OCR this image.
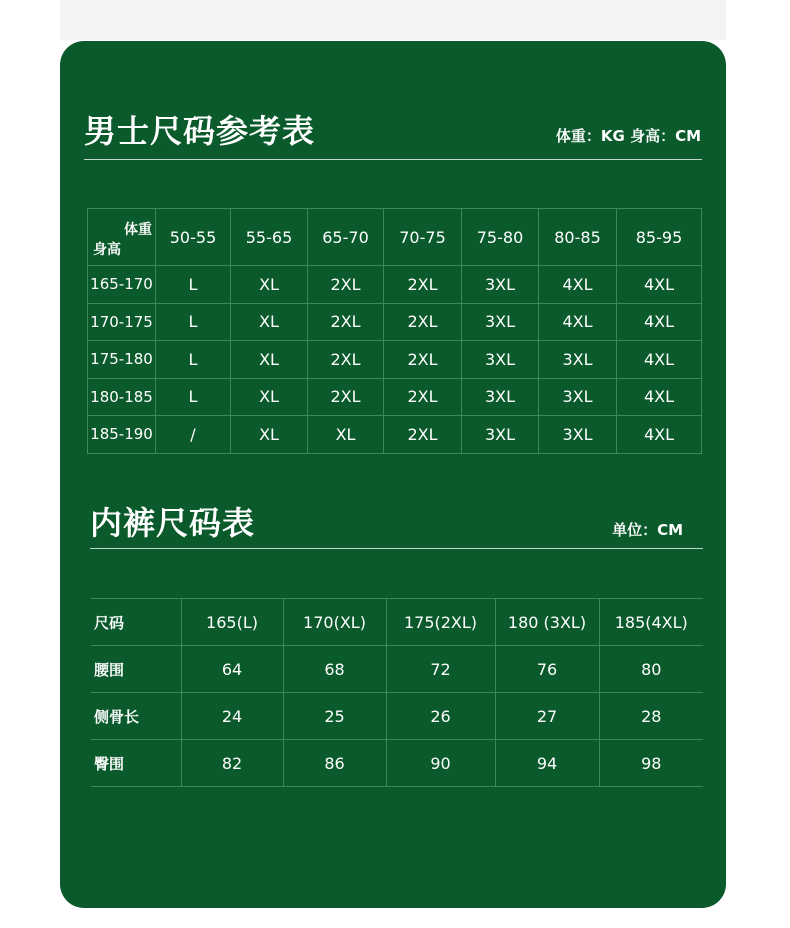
男士尺码参考表	体重：KG 身高：CM
体重
身高	50-55	55-65	65-70	70-75	75-80	80-85	85-95
165-170	L	XL	2XL	2XL	3XL	4XL	4XL
170-175	L	XL	2XL	2XL	3XL	4XL	4XL
175-180	L	XL	2XL	2XL	3XL	3XL	4XL
180-185	L	XL	2XL	2XL	3XL	3XL	4XL
185-190	/	XL	XL	2XL	3XL	3XL	4XL
内裤尺码表	单位：CM
尺码	165(L)	170(XL)	175(2XL)	180 (3XL)	185(4XL)
腰围	64	68	72	76	80
侧骨长	24	25	26	27	28
臀围	82	86	90	94	98
